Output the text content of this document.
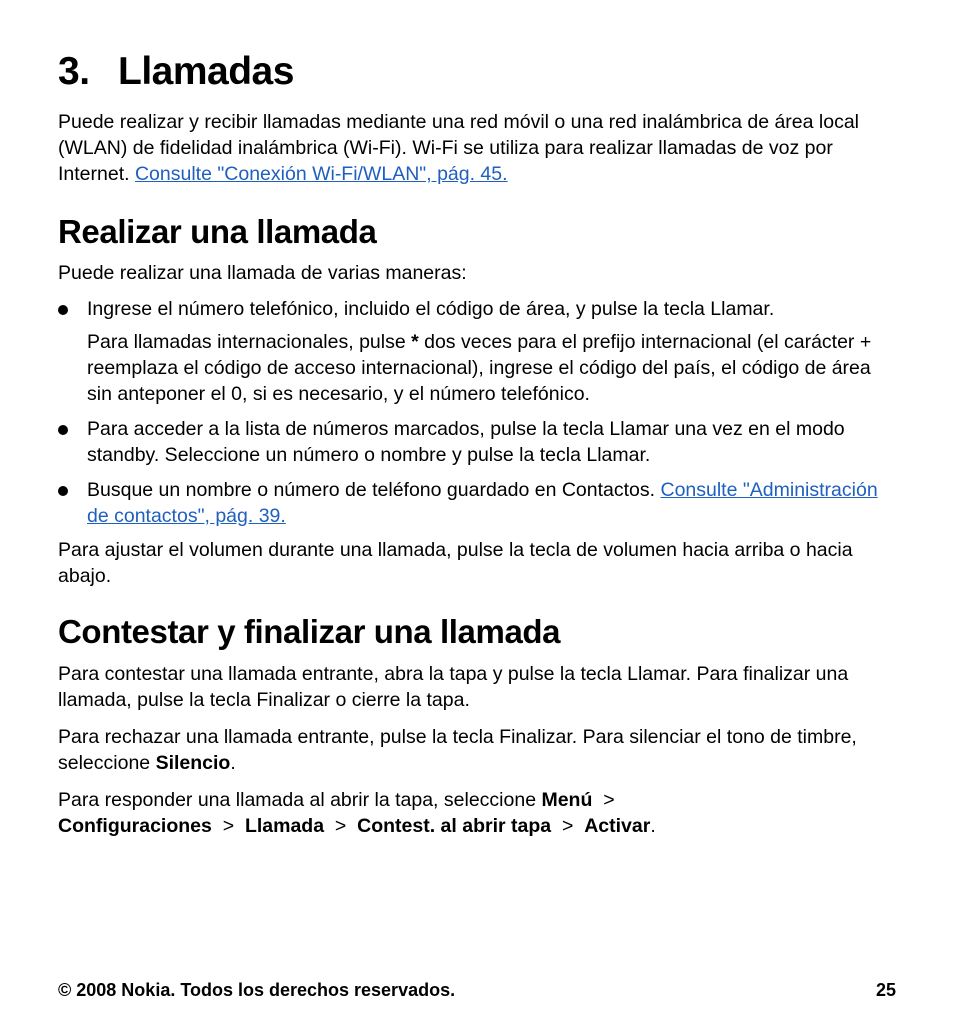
3. Llamadas

Puede realizar y recibir llamadas mediante una red móvil o una red inalámbrica de área local (WLAN) de fidelidad inalámbrica (Wi-Fi). Wi-Fi se utiliza para realizar llamadas de voz por Internet. Consulte "Conexión Wi-Fi/WLAN", pág. 45.

Realizar una llamada

Puede realizar una llamada de varias maneras:

Ingrese el número telefónico, incluido el código de área, y pulse la tecla Llamar.

Para llamadas internacionales, pulse * dos veces para el prefijo internacional (el carácter + reemplaza el código de acceso internacional), ingrese el código del país, el código de área sin anteponer el 0, si es necesario, y el número telefónico.

Para acceder a la lista de números marcados, pulse la tecla Llamar una vez en el modo standby. Seleccione un número o nombre y pulse la tecla Llamar.

Busque un nombre o número de teléfono guardado en Contactos. Consulte "Administración de contactos", pág. 39.

Para ajustar el volumen durante una llamada, pulse la tecla de volumen hacia arriba o hacia abajo.

Contestar y finalizar una llamada

Para contestar una llamada entrante, abra la tapa y pulse la tecla Llamar. Para finalizar una llamada, pulse la tecla Finalizar o cierre la tapa.

Para rechazar una llamada entrante, pulse la tecla Finalizar. Para silenciar el tono de timbre, seleccione Silencio.

Para responder una llamada al abrir la tapa, seleccione Menú >
Configuraciones > Llamada > Contest. al abrir tapa > Activar.

© 2008 Nokia. Todos los derechos reservados.	25
